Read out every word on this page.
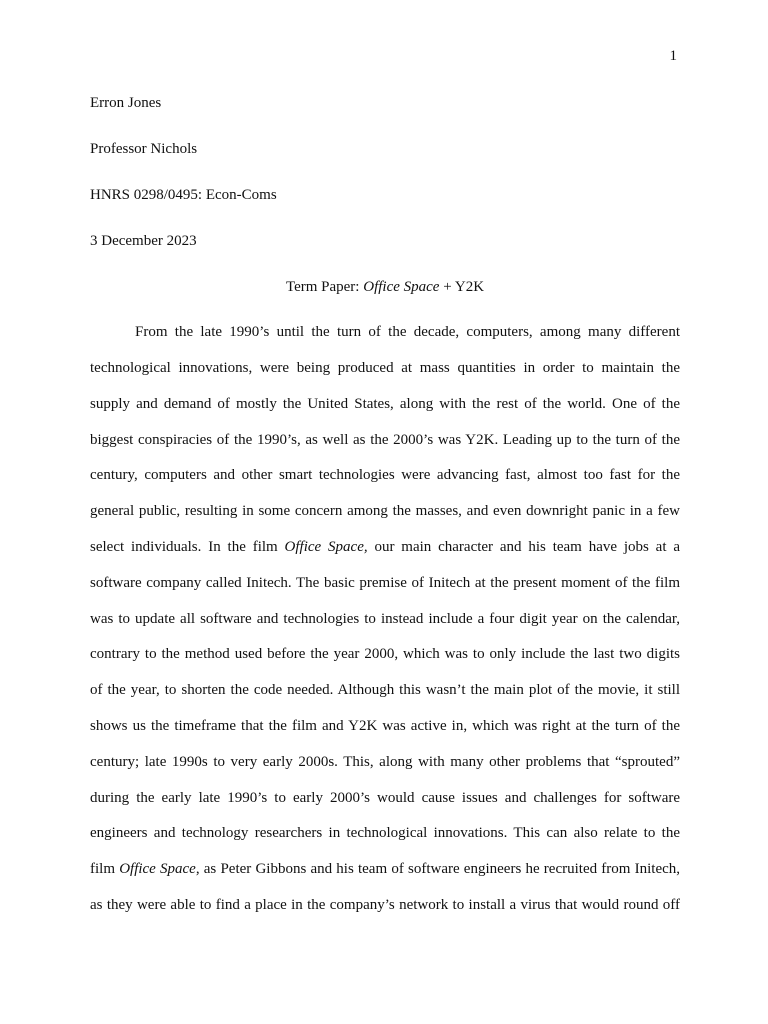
1
Erron Jones
Professor Nichols
HNRS 0298/0495: Econ-Coms
3 December 2023
Term Paper: Office Space + Y2K
From the late 1990’s until the turn of the decade, computers, among many different
technological innovations, were being produced at mass quantities in order to maintain the
supply and demand of mostly the United States, along with the rest of the world. One of the
biggest conspiracies of the 1990’s, as well as the 2000’s was Y2K. Leading up to the turn of the
century, computers and other smart technologies were advancing fast, almost too fast for the
general public, resulting in some concern among the masses, and even downright panic in a few
select individuals. In the film Office Space, our main character and his team have jobs at a
software company called Initech. The basic premise of Initech at the present moment of the film
was to update all software and technologies to instead include a four digit year on the calendar,
contrary to the method used before the year 2000, which was to only include the last two digits
of the year, to shorten the code needed. Although this wasn’t the main plot of the movie, it still
shows us the timeframe that the film and Y2K was active in, which was right at the turn of the
century; late 1990s to very early 2000s. This, along with many other problems that “sprouted”
during the early late 1990’s to early 2000’s would cause issues and challenges for software
engineers and technology researchers in technological innovations. This can also relate to the
film Office Space, as Peter Gibbons and his team of software engineers he recruited from Initech,
as they were able to find a place in the company’s network to install a virus that would round off
